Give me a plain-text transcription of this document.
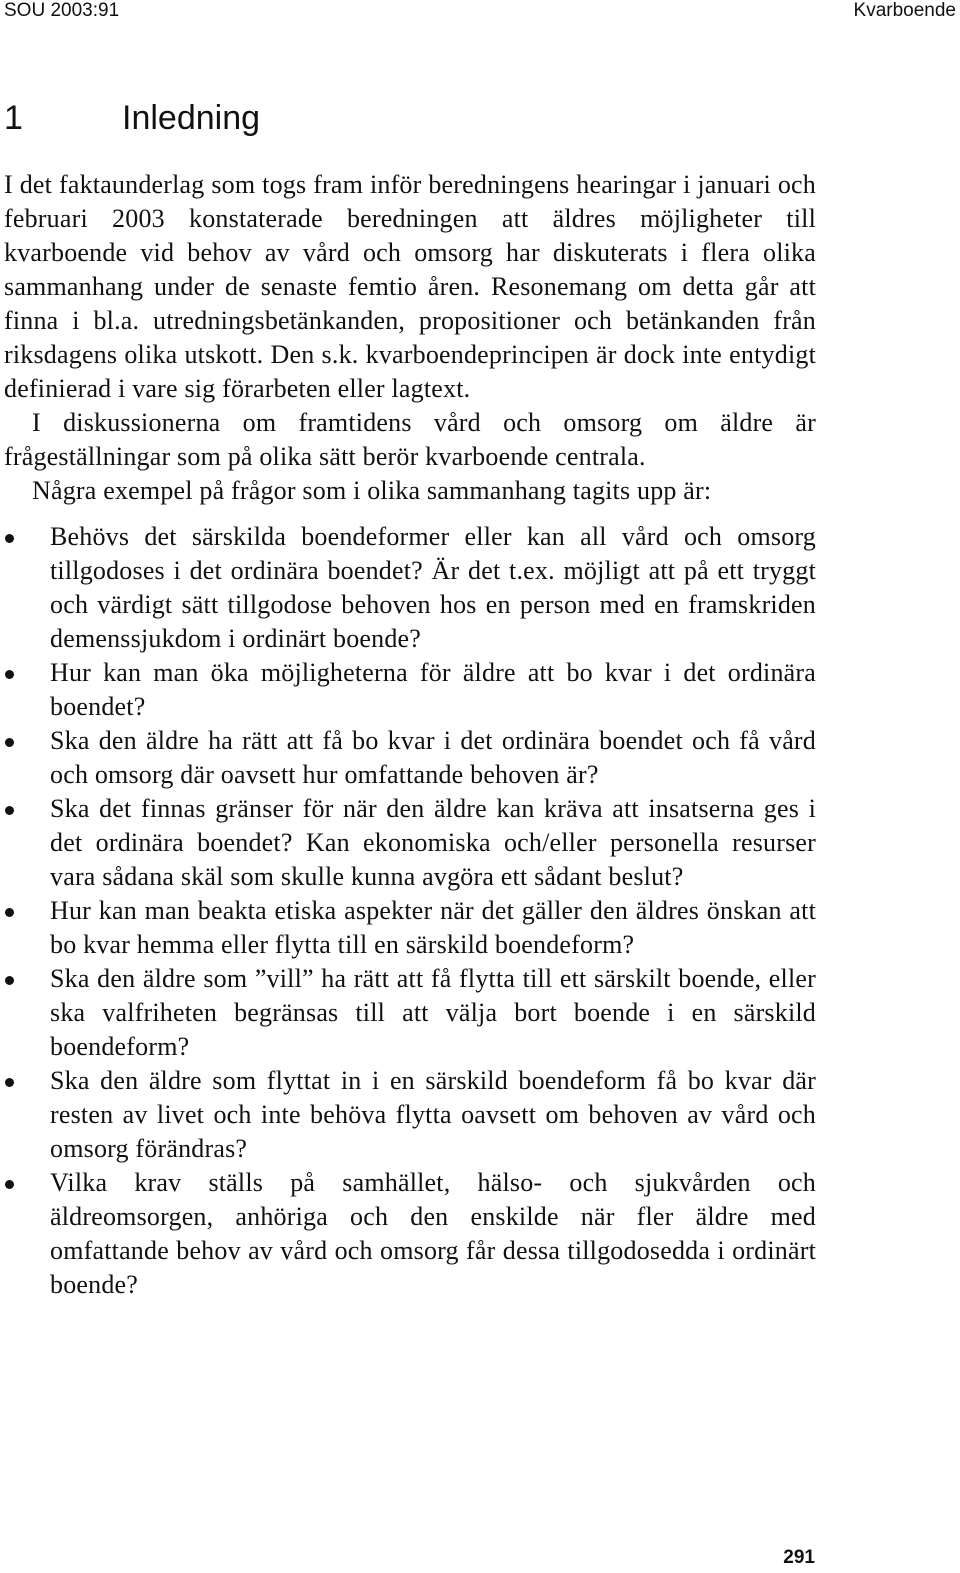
SOU 2003:91	Kvarboende
1	Inledning

I det faktaunderlag som togs fram inför beredningens hearingar i januari och februari 2003 konstaterade beredningen att äldres möjligheter till kvarboende vid behov av vård och omsorg har diskuterats i flera olika sammanhang under de senaste femtio åren. Resonemang om detta går att finna i bl.a. utredningsbetänkanden, propositioner och betänkanden från riksdagens olika utskott. Den s.k. kvarboendeprincipen är dock inte entydigt definierad i vare sig förarbeten eller lagtext.

I diskussionerna om framtidens vård och omsorg om äldre är frågeställningar som på olika sätt berör kvarboende centrala.

Några exempel på frågor som i olika sammanhang tagits upp är:

Behövs det särskilda boendeformer eller kan all vård och omsorg tillgodoses i det ordinära boendet? Är det t.ex. möjligt att på ett tryggt och värdigt sätt tillgodose behoven hos en person med en framskriden demenssjukdom i ordinärt boende?
Hur kan man öka möjligheterna för äldre att bo kvar i det ordinära boendet?
Ska den äldre ha rätt att få bo kvar i det ordinära boendet och få vård och omsorg där oavsett hur omfattande behoven är?
Ska det finnas gränser för när den äldre kan kräva att insatserna ges i det ordinära boendet? Kan ekonomiska och/eller personella resurser vara sådana skäl som skulle kunna avgöra ett sådant beslut?
Hur kan man beakta etiska aspekter när det gäller den äldres önskan att bo kvar hemma eller flytta till en särskild boendeform?
Ska den äldre som ”vill” ha rätt att få flytta till ett särskilt boende, eller ska valfriheten begränsas till att välja bort boende i en särskild boendeform?
Ska den äldre som flyttat in i en särskild boendeform få bo kvar där resten av livet och inte behöva flytta oavsett om behoven av vård och omsorg förändras?
Vilka krav ställs på samhället, hälso- och sjukvården och äldreomsorgen, anhöriga och den enskilde när fler äldre med omfattande behov av vård och omsorg får dessa tillgodosedda i ordinärt boende?
291
